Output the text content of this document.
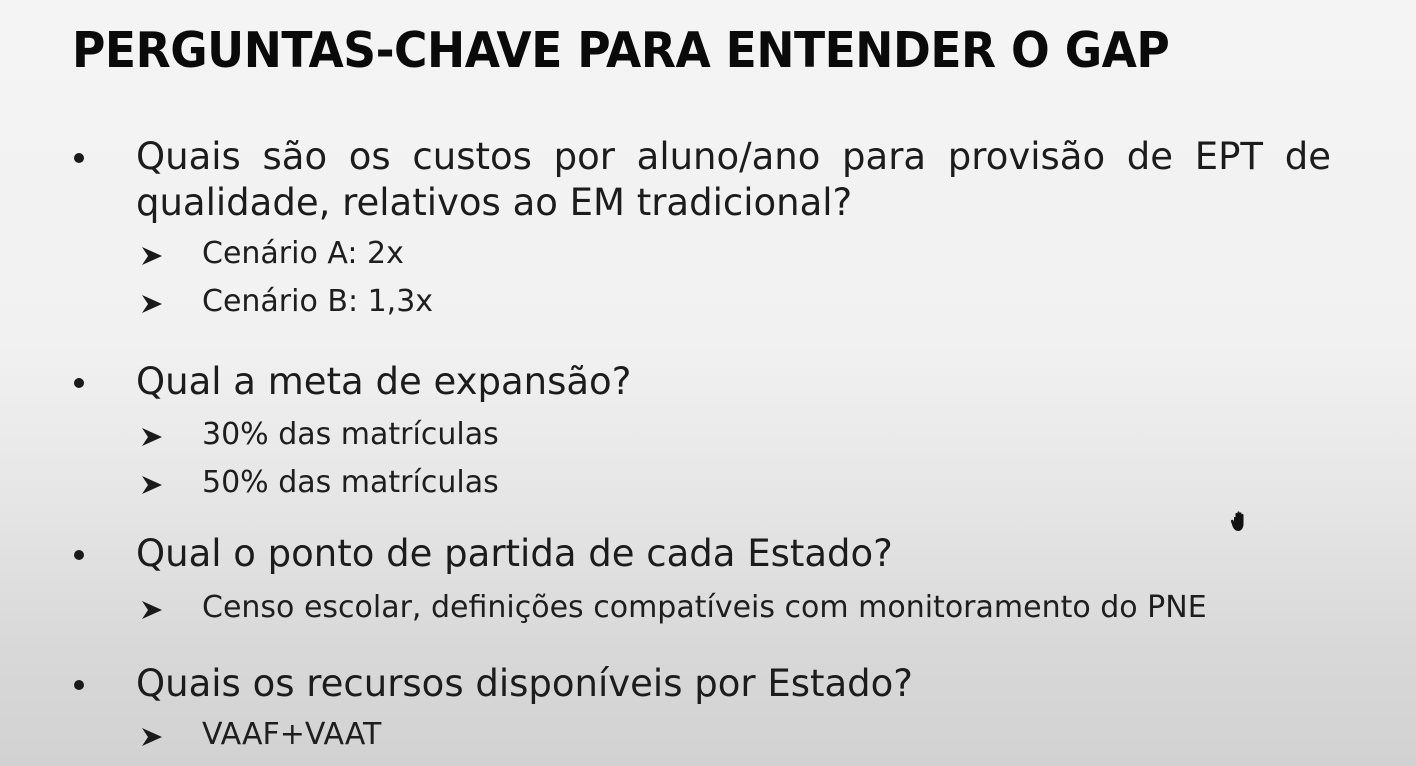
PERGUNTAS-CHAVE PARA ENTENDER O GAP

Quais são os custos por aluno/ano para provisão de EPT de qualidade, relativos ao EM tradicional?

Cenário A: 2x
Cenário B: 1,3x

Qual a meta de expansão?

30% das matrículas
50% das matrículas

Qual o ponto de partida de cada Estado?

Censo escolar, definições compatíveis com monitoramento do PNE

Quais os recursos disponíveis por Estado?

VAAF+VAAT
